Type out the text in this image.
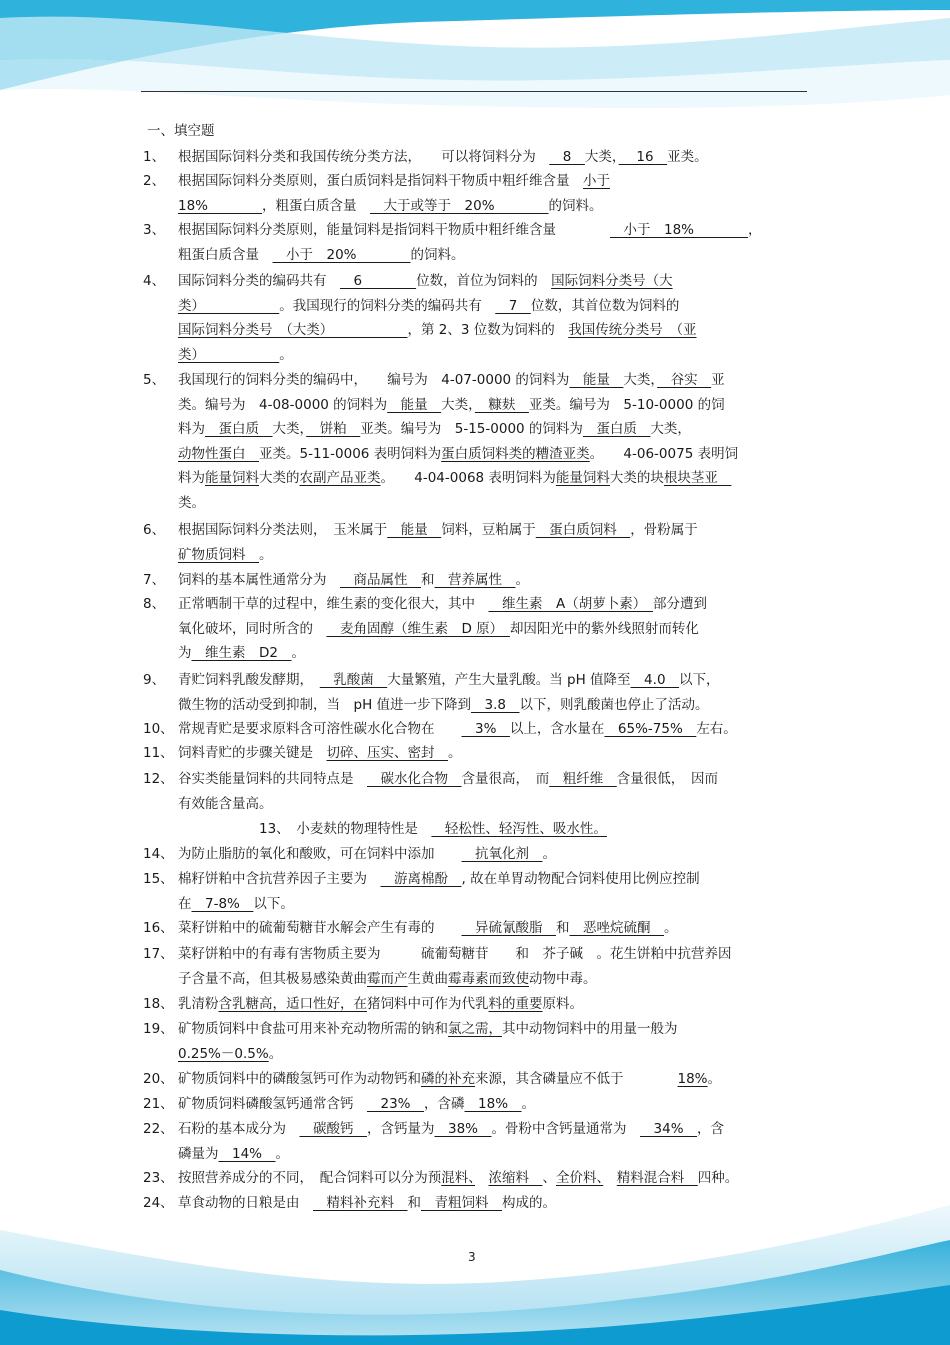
一、填空题
1、 根据国际饲料分类和我国传统分类方法，　　可以将饲料分为　　8　大类，　 16　亚类。
2、 根据国际饲料分类原则，蛋白质饲料是指饲料干物质中粗纤维含量　小于
18%　　　　，粗蛋白质含量　　大于或等于　20%　　　　的饲料。
3、 根据国际饲料分类原则，能量饲料是指饲料干物质中粗纤维含量　　　　　小于　18%　　　　，
粗蛋白质含量　　小于　20%　　　　的饲料。
4、 国际饲料分类的编码共有　　6　　　　位数，首位为饲料的　国际饲料分类号（大
类）　　　　　　。我国现行的饲料分类的编码共有　　7　位数，其首位数为饲料的
国际饲料分类号　（大类）　　　　　　，第 2、3 位数为饲料的　我国传统分类号　（亚
类）　　　　　　。
5、 我国现行的饲料分类的编码中，　　编号为　4-07-0000 的饲料为　能量　大类，　谷实　亚
类。编号为　4-08-0000 的饲料为　能量　大类，　糠麸　亚类。编号为　5-10-0000 的饲
料为　蛋白质　大类，　饼粕　亚类。编号为　5-15-0000 的饲料为　蛋白质　大类，
动物性蛋白　亚类。5-11-0006 表明饲料为蛋白质饲料类的糟渣亚类。　　4-06-0075 表明饲
料为能量饲料大类的农副产品亚类。　　4-04-0068 表明饲料为能量饲料大类的块根块茎亚　
类。
6、 根据国际饲料分类法则，　玉米属于　能量　饲料，豆粕属于　蛋白质饲料　，骨粉属于
矿物质饲料　。
7、 饲料的基本属性通常分为　　商品属性　和　营养属性　。
8、 正常晒制干草的过程中，维生素的变化很大，其中　　维生素　A（胡萝卜素）　部分遭到
氧化破坏，同时所含的　　麦角固醇（维生素　D 原）　却因阳光中的紫外线照射而转化
为　维生素　D2　。
9、 青贮饲料乳酸发酵期，　　乳酸菌　大量繁殖，产生大量乳酸。当 pH 值降至　4.0　以下，
微生物的活动受到抑制，当　pH 值进一步下降到　3.8　以下，则乳酸菌也停止了活动。
10、 常规青贮是要求原料含可溶性碳水化合物在　　　3%　以上，含水量在　65%-75%　左右。
11、 饲料青贮的步骤关键是　切碎、压实、密封　。
12、 谷实类能量饲料的共同特点是　　碳水化合物　含量很高，　而　粗纤维　含量很低，　因而
有效能含量高。
　　　　　　13、　小麦麸的物理特性是　　轻松性、轻泻性、吸水性。
14、 为防止脂肪的氧化和酸败，可在饲料中添加　　　抗氧化剂　。
15、 棉籽饼粕中含抗营养因子主要为　　游离棉酚　, 故在单胃动物配合饲料使用比例应控制
在　7-8%　以下。
16、 菜籽饼粕中的硫葡萄糖苷水解会产生有毒的　　　异硫氰酸脂　和　恶唑烷硫酮　。
17、 菜籽饼粕中的有毒有害物质主要为　　　硫葡萄糖苷　　和　芥子碱　。花生饼粕中抗营养因
子含量不高，但其极易感染黄曲霉而产生黄曲霉毒素而致使动物中毒。
18、 乳清粉含乳糖高，适口性好，在猪饲料中可作为代乳料的重要原料。
19、 矿物质饲料中食盐可用来补充动物所需的钠和氯之需，其中动物饲料中的用量一般为
0.25%－0.5%。
20、 矿物质饲料中的磷酸氢钙可作为动物钙和磷的补充来源，其含磷量应不低于　　　　18%。
21、 矿物质饲料磷酸氢钙通常含钙　　23%　，含磷　18%　。
22、 石粉的基本成分为　　碳酸钙　，含钙量为　38%　。骨粉中含钙量通常为　　34%　，含
磷量为　14%　。
23、 按照营养成分的不同，　配合饲料可以分为预混料、　 浓缩料　、全价料、　 精料混合料　四种。
24、 草食动物的日粮是由　　精料补充料　和　青粗饲料　构成的。
3
